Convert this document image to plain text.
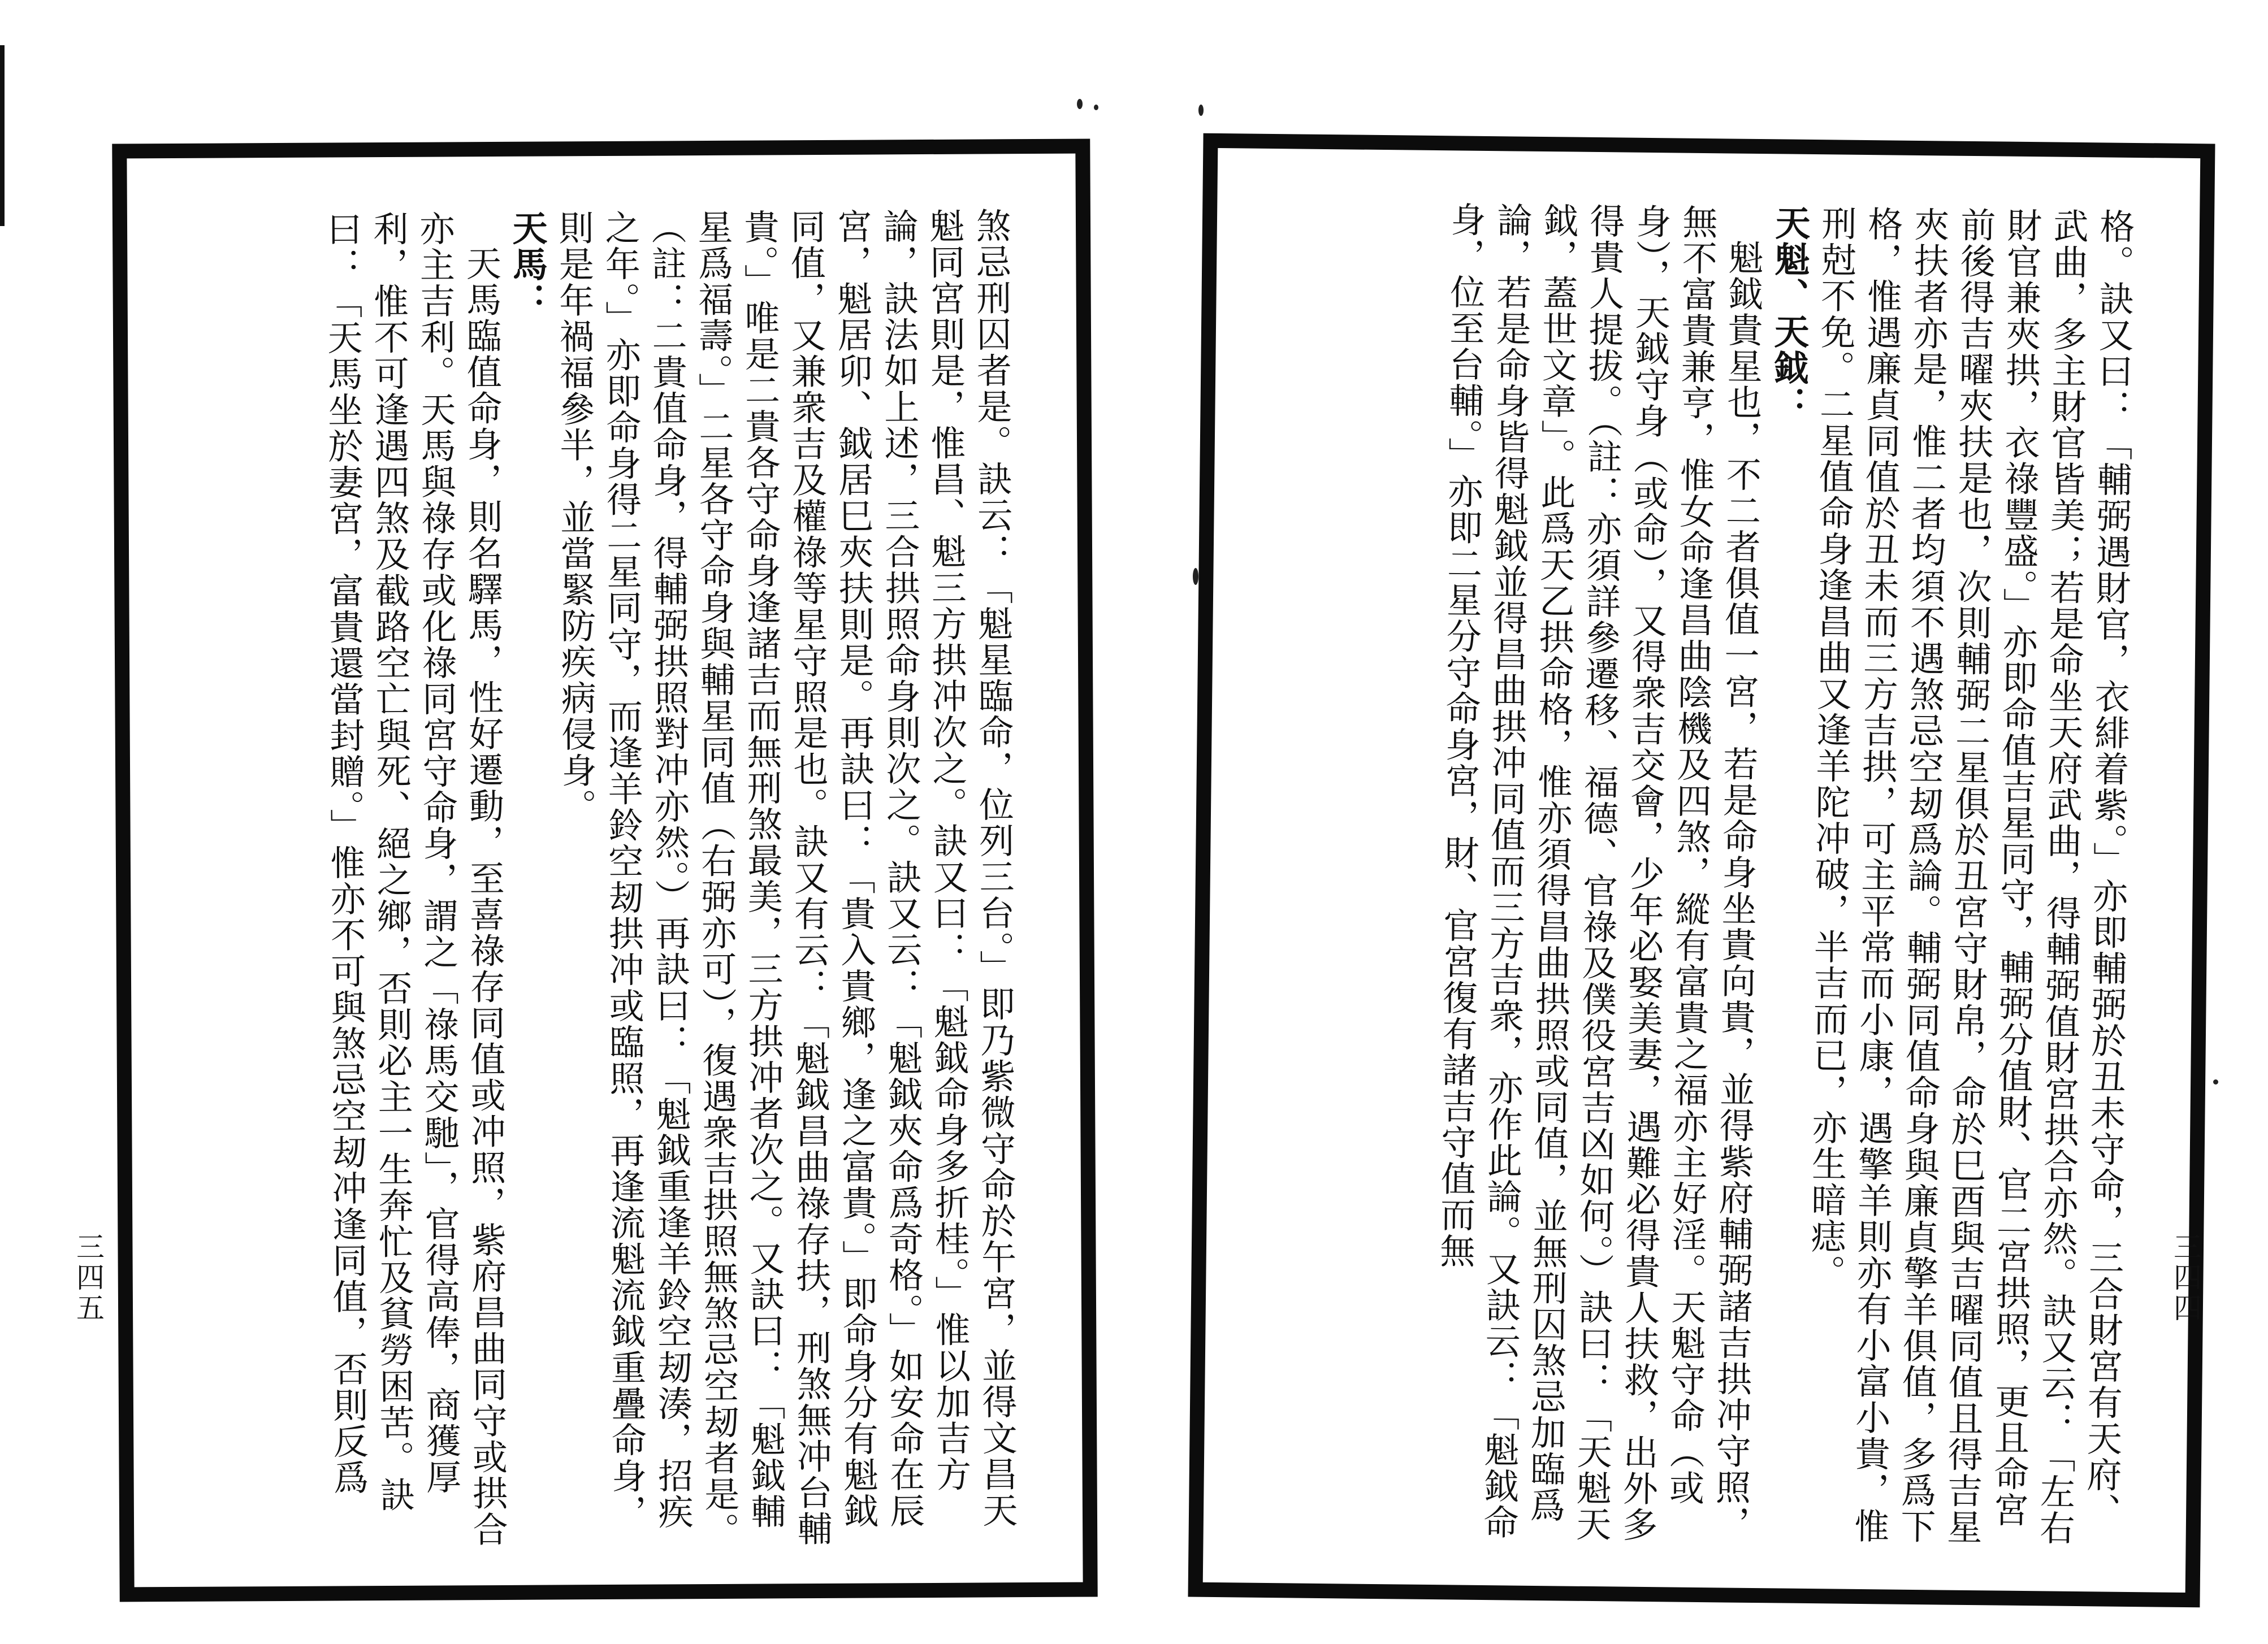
煞忌刑囚者是。訣云：「魁星臨命，位列三台。」即乃紫微守命於午宮，並得文昌天魁同宮則是，惟昌、魁三方拱冲次之。訣又曰：「魁鉞命身多折桂。」惟以加吉方論，訣法如上述，三合拱照命身則次之。訣又云：「魁鉞夾命爲奇格。」如安命在辰宮，魁居卯、鉞居巳夾扶則是。再訣曰：「貴入貴鄉，逢之富貴。」即命身分有魁鉞同值，又兼衆吉及權祿等星守照是也。訣又有云：「魁鉞昌曲祿存扶，刑煞無冲台輔貴。」唯是二貴各守命身逢諸吉而無刑煞最美，三方拱冲者次之。又訣曰：「魁鉞輔星爲福壽。」二星各守命身與輔星同值（右弼亦可），復遇衆吉拱照無煞忌空刼者是。（註：二貴值命身，得輔弼拱照對冲亦然。）再訣曰：「魁鉞重逢羊鈴空刼湊，招疾之年。」亦即命身得二星同守，而逢羊鈴空刼拱冲或臨照，再逢流魁流鉞重疊命身，則是年禍福參半，並當緊防疾病侵身。

天馬：

天馬臨值命身，則名驛馬，性好遷動，至喜祿存同值或冲照，紫府昌曲同守或拱合亦主吉利。天馬與祿存或化祿同宮守命身，謂之「祿馬交馳」，官得高俸，商獲厚利，惟不可逢遇四煞及截路空亡與死、絕之鄉，否則必主一生奔忙及貧勞困苦。訣曰：「天馬坐於妻宮，富貴還當封贈。」惟亦不可與煞忌空刼冲逢同值，否則反爲	格。訣又曰：「輔弼遇財官，衣緋着紫。」亦即輔弼於丑未守命，三合財宮有天府、武曲，多主財官皆美；若是命坐天府武曲，得輔弼值財宮拱合亦然。訣又云：「左右財官兼夾拱，衣祿豐盛。」亦即命值吉星同守，輔弼分值財、官二宮拱照，更且命宮前後得吉曜夾扶是也，次則輔弼二星俱於丑宮守財帛，命於巳酉與吉曜同值且得吉星夾扶者亦是，惟二者均須不遇煞忌空刼爲論。輔弼同值命身與廉貞擎羊俱值，多爲下格，惟遇廉貞同值於丑未而三方吉拱，可主平常而小康，遇擎羊則亦有小富小貴，惟刑尅不免。二星值命身逢昌曲又逢羊陀冲破，半吉而已，亦生暗痣。

天魁、天鉞：

魁鉞貴星也，不二者俱值一宮，若是命身坐貴向貴，並得紫府輔弼諸吉拱冲守照，無不富貴兼亨，惟女命逢昌曲陰機及四煞，縱有富貴之福亦主好淫。天魁守命（或身），天鉞守身（或命），又得衆吉交會，少年必娶美妻，遇難必得貴人扶救，出外多得貴人提拔。（註：亦須詳參遷移、福德、官祿及僕役宮吉凶如何。）訣曰：「天魁天鉞，蓋世文章」。此爲天乙拱命格，惟亦須得昌曲拱照或同值，並無刑囚煞忌加臨爲論，若是命身皆得魁鉞並得昌曲拱冲同值而三方吉衆，亦作此論。又訣云：「魁鉞命身，位至台輔。」亦即二星分守命身宮，財、官宮復有諸吉守值而無

三四五	三四四
